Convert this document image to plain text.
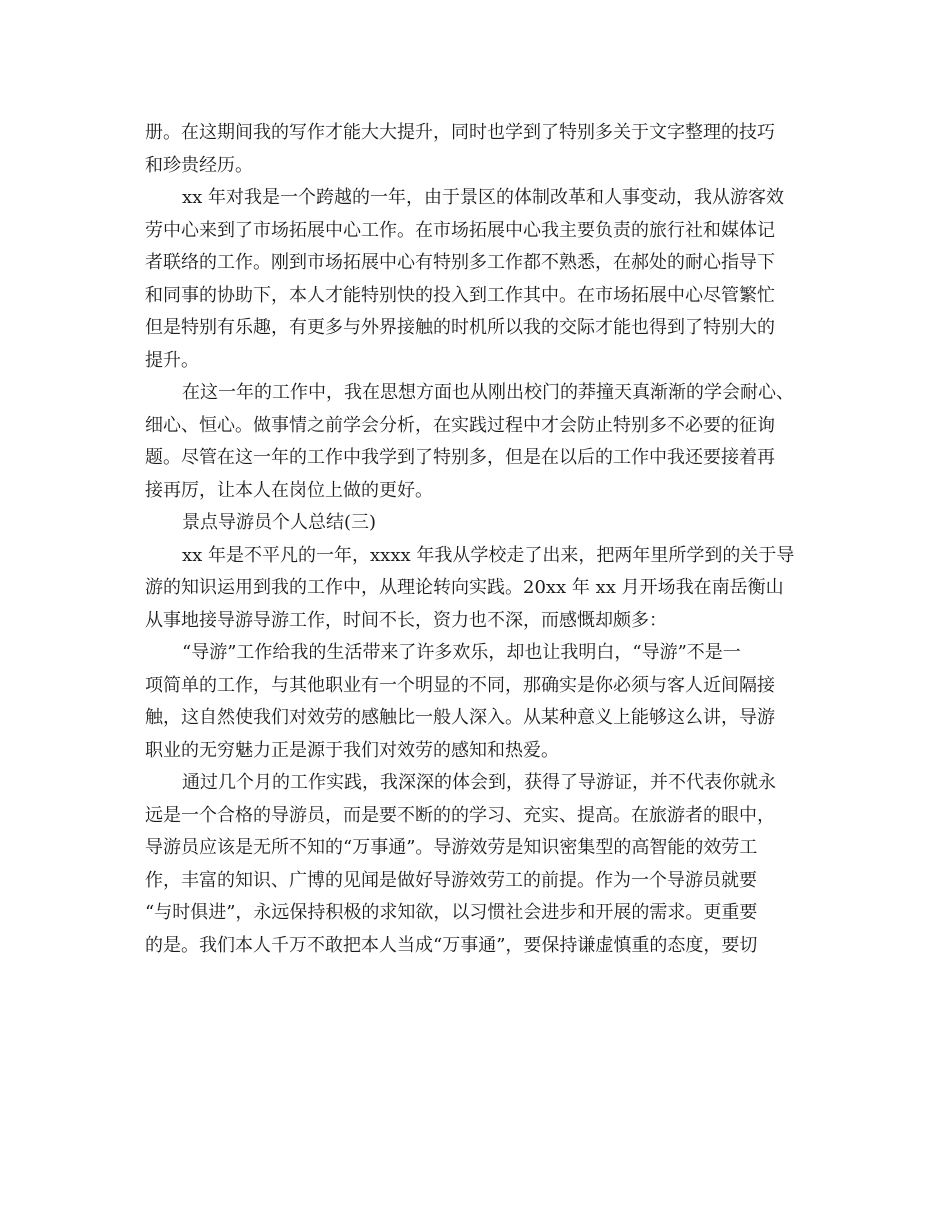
册。在这期间我的写作才能大大提升，同时也学到了特别多关于文字整理的技巧
和珍贵经历。
xx 年对我是一个跨越的一年，由于景区的体制改革和人事变动，我从游客效
劳中心来到了市场拓展中心工作。在市场拓展中心我主要负责的旅行社和媒体记
者联络的工作。刚到市场拓展中心有特别多工作都不熟悉，在郝处的耐心指导下
和同事的协助下，本人才能特别快的投入到工作其中。在市场拓展中心尽管繁忙
但是特别有乐趣，有更多与外界接触的时机所以我的交际才能也得到了特别大的
提升。
在这一年的工作中，我在思想方面也从刚出校门的莽撞天真渐渐的学会耐心、
细心、恒心。做事情之前学会分析，在实践过程中才会防止特别多不必要的征询
题。尽管在这一年的工作中我学到了特别多，但是在以后的工作中我还要接着再
接再厉，让本人在岗位上做的更好。
景点导游员个人总结(三)
xx 年是不平凡的一年，xxxx 年我从学校走了出来，把两年里所学到的关于导
游的知识运用到我的工作中，从理论转向实践。20xx 年 xx 月开场我在南岳衡山
从事地接导游导游工作，时间不长，资力也不深，而感慨却颇多：
“导游”工作给我的生活带来了许多欢乐，却也让我明白，“导游”不是一
项简单的工作，与其他职业有一个明显的不同，那确实是你必须与客人近间隔接
触，这自然使我们对效劳的感触比一般人深入。从某种意义上能够这么讲，导游
职业的无穷魅力正是源于我们对效劳的感知和热爱。
通过几个月的工作实践，我深深的体会到，获得了导游证，并不代表你就永
远是一个合格的导游员，而是要不断的的学习、充实、提高。在旅游者的眼中，
导游员应该是无所不知的“万事通”。导游效劳是知识密集型的高智能的效劳工
作，丰富的知识、广博的见闻是做好导游效劳工的前提。作为一个导游员就要
“与时俱进”，永远保持积极的求知欲，以习惯社会进步和开展的需求。更重要
的是。我们本人千万不敢把本人当成“万事通”，要保持谦虚慎重的态度，要切
